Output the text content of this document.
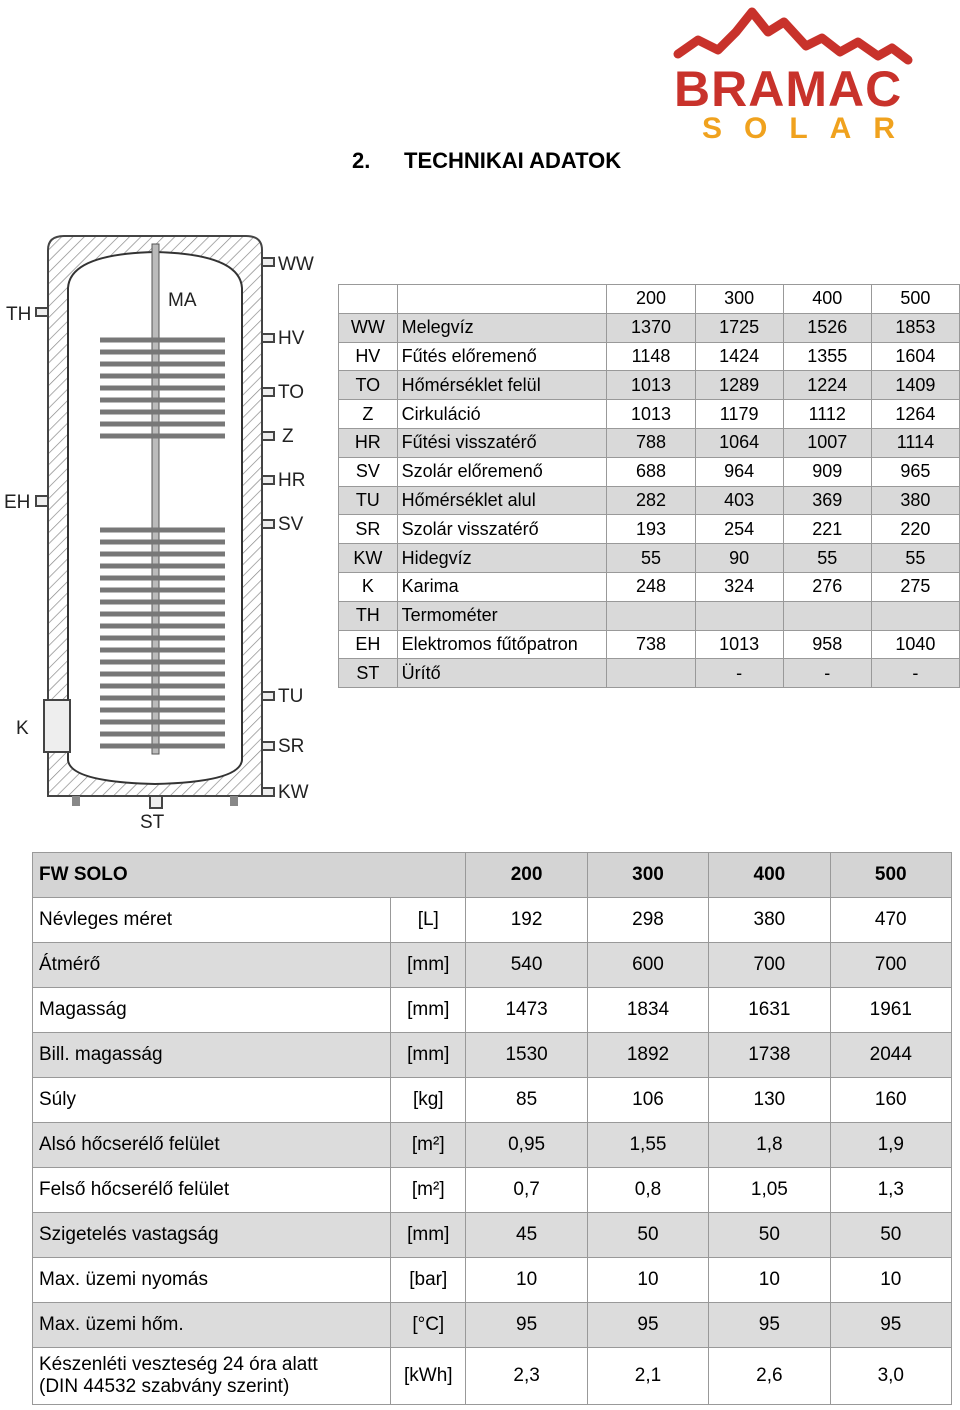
BRAMAC
SOLAR
2. TECHNIKAI ADATOK
WW
HV
TO
Z
HR
SV
TU
SR
KW
TH
EH
K
MA
ST
		200	300	400	500
WW	Melegvíz	1370	1725	1526	1853
HV	Fűtés előremenő	1148	1424	1355	1604
TO	Hőmérséklet felül	1013	1289	1224	1409
Z	Cirkuláció	1013	1179	1112	1264
HR	Fűtési visszatérő	788	1064	1007	1114
SV	Szolár előremenő	688	964	909	965
TU	Hőmérséklet alul	282	403	369	380
SR	Szolár visszatérő	193	254	221	220
KW	Hidegvíz	55	90	55	55
K	Karima	248	324	276	275
TH	Termométer				
EH	Elektromos fűtőpatron	738	1013	958	1040
ST	Ürítő		-	-	-
FW SOLO		200	300	400	500
Névleges méret	[L]	192	298	380	470
Átmérő	[mm]	540	600	700	700
Magasság	[mm]	1473	1834	1631	1961
Bill. magasság	[mm]	1530	1892	1738	2044
Súly	[kg]	85	106	130	160
Alsó hőcserélő felület	[m²]	0,95	1,55	1,8	1,9
Felső hőcserélő felület	[m²]	0,7	0,8	1,05	1,3
Szigetelés vastagság	[mm]	45	50	50	50
Max. üzemi nyomás	[bar]	10	10	10	10
Max. üzemi hőm.	[°C]	95	95	95	95

Készenléti veszteség 24 óra alatt
(DIN 44532 szabvány szerint)	[kWh]	2,3	2,1	2,6	3,0
